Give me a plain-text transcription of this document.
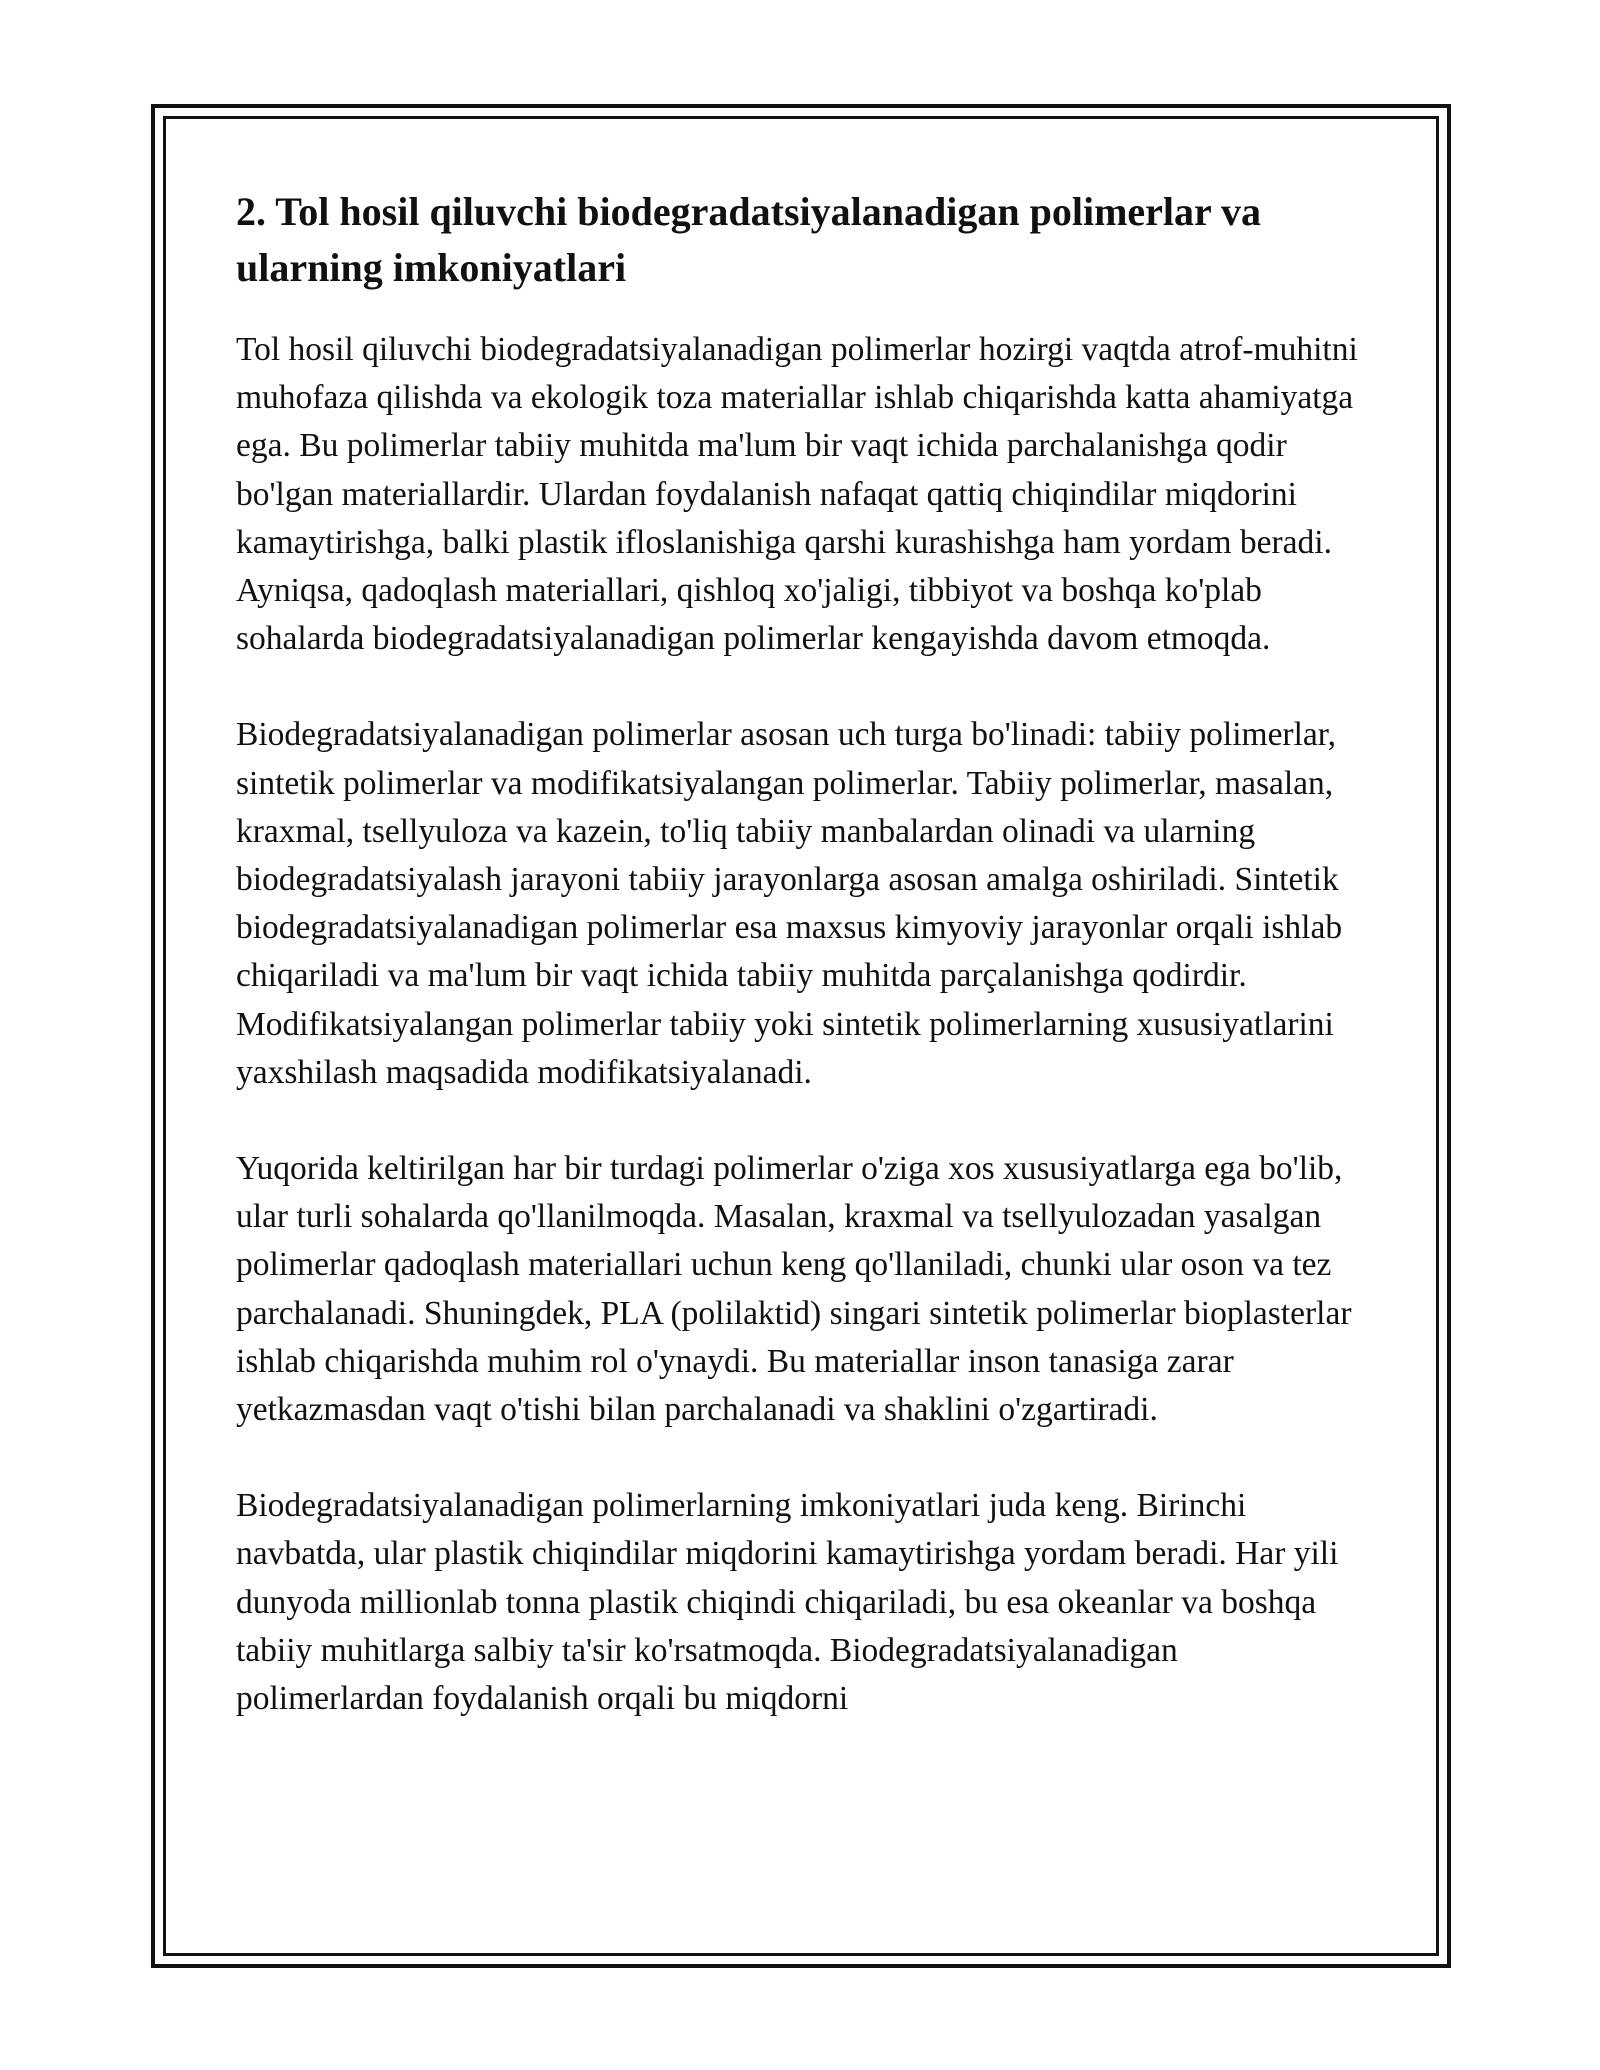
2. Tol hosil qiluvchi biodegradatsiyalanadigan polimerlar va ularning imkoniyatlari

Tol hosil qiluvchi biodegradatsiyalanadigan polimerlar hozirgi vaqtda atrof-muhitni muhofaza qilishda va ekologik toza materiallar ishlab chiqarishda katta ahamiyatga ega. Bu polimerlar tabiiy muhitda ma'lum bir vaqt ichida parchalanishga qodir bo'lgan materiallardir. Ulardan foydalanish nafaqat qattiq chiqindilar miqdorini kamaytirishga, balki plastik ifloslanishiga qarshi kurashishga ham yordam beradi. Ayniqsa, qadoqlash materiallari, qishloq xo'jaligi, tibbiyot va boshqa ko'plab sohalarda biodegradatsiyalanadigan polimerlar kengayishda davom etmoqda.

Biodegradatsiyalanadigan polimerlar asosan uch turga bo'linadi: tabiiy polimerlar, sintetik polimerlar va modifikatsiyalangan polimerlar. Tabiiy polimerlar, masalan, kraxmal, tsellyuloza va kazein, to'liq tabiiy manbalardan olinadi va ularning biodegradatsiyalash jarayoni tabiiy jarayonlarga asosan amalga oshiriladi. Sintetik biodegradatsiyalanadigan polimerlar esa maxsus kimyoviy jarayonlar orqali ishlab chiqariladi va ma'lum bir vaqt ichida tabiiy muhitda parçalanishga qodirdir. Modifikatsiyalangan polimerlar tabiiy yoki sintetik polimerlarning xususiyatlarini yaxshilash maqsadida modifikatsiyalanadi.

Yuqorida keltirilgan har bir turdagi polimerlar o'ziga xos xususiyatlarga ega bo'lib, ular turli sohalarda qo'llanilmoqda. Masalan, kraxmal va tsellyulozadan yasalgan polimerlar qadoqlash materiallari uchun keng qo'llaniladi, chunki ular oson va tez parchalanadi. Shuningdek, PLA (polilaktid) singari sintetik polimerlar bioplasterlar ishlab chiqarishda muhim rol o'ynaydi. Bu materiallar inson tanasiga zarar yetkazmasdan vaqt o'tishi bilan parchalanadi va shaklini o'zgartiradi.

Biodegradatsiyalanadigan polimerlarning imkoniyatlari juda keng. Birinchi navbatda, ular plastik chiqindilar miqdorini kamaytirishga yordam beradi. Har yili dunyoda millionlab tonna plastik chiqindi chiqariladi, bu esa okeanlar va boshqa tabiiy muhitlarga salbiy ta'sir ko'rsatmoqda. Biodegradatsiyalanadigan polimerlardan foydalanish orqali bu miqdorni
